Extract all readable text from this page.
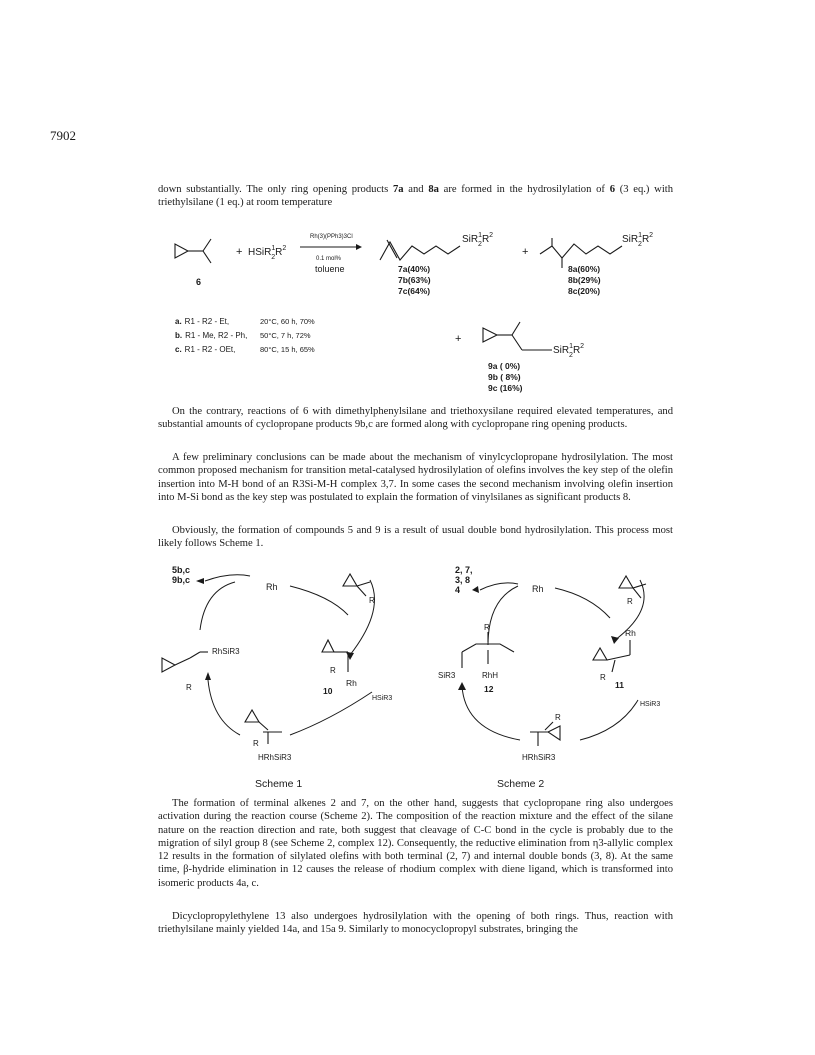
7902

down substantially. The only ring opening products 7a and 8a are formed in the hydrosilylation of 6 (3 eq.) with triethylsilane (1 eq.) at room temperature

6
+ HSiR$^1$ $2R^2$
Rh(3)(PPh3)3Cl
0.1 mol%
toluene
SiR$^1$ $2R^2$
+
SiR$^1$ $2R^2$
7a(40%)
7b(63%)
7c(64%)
8a(60%)
8b(29%)
8c(20%)
a. R1 - R2 - Et,	20°C, 60 h, 70%
b. R1 - Me, R2 - Ph, 50°C, 7 h, 72%
c. R1 - R2 - OEt,	80°C, 15 h, 65%
+
SiR$^1$ $2R^2$
9a ( 0%)
9b ( 8%)
9c (16%)

On the contrary, reactions of 6 with dimethylphenylsilane and triethoxysilane required elevated temperatures, and substantial amounts of cyclopropane products 9b,c are formed along with cyclopropane ring opening products.

A few preliminary conclusions can be made about the mechanism of vinylcyclopropane hydrosilylation. The most common proposed mechanism for transition metal-catalysed hydrosilylation of olefins involves the key step of the olefin insertion into M-H bond of an R3Si-M-H complex 3,7. In some cases the second mechanism involving olefin insertion into M-Si bond as the key step was postulated to explain the formation of vinylsilanes as significant products 8.

Obviously, the formation of compounds 5 and 9 is a result of usual double bond hydrosilylation. This process most likely follows Scheme 1.

5b,c
9b,c
Rh
R
R
Rh
10
HSiR3
RhSiR3
R
R
HRhSiR3
Scheme 1
2, 7,
3, 8
4	Rh
R
Rh
R
11
HSiR3
R
SiR3	RhH
12
R
HRhSiR3
Scheme 2

The formation of terminal alkenes 2 and 7, on the other hand, suggests that cyclopropane ring also undergoes activation during the reaction course (Scheme 2). The composition of the reaction mixture and the effect of the silane nature on the reaction direction and rate, both suggest that cleavage of C-C bond in the cycle is probably due to the migration of silyl group 8 (see Scheme 2, complex 12). Consequently, the reductive elimination from η3-allylic complex 12 results in the formation of silylated olefins with both terminal (2, 7) and internal double bonds (3, 8). At the same time, β-hydride elimination in 12 causes the release of rhodium complex with diene ligand, which is transformed into isomeric products 4a, c.

Dicyclopropylethylene 13 also undergoes hydrosilylation with the opening of both rings. Thus, reaction with triethylsilane mainly yielded 14a, and 15a 9. Similarly to monocyclopropyl substrates, bringing the
